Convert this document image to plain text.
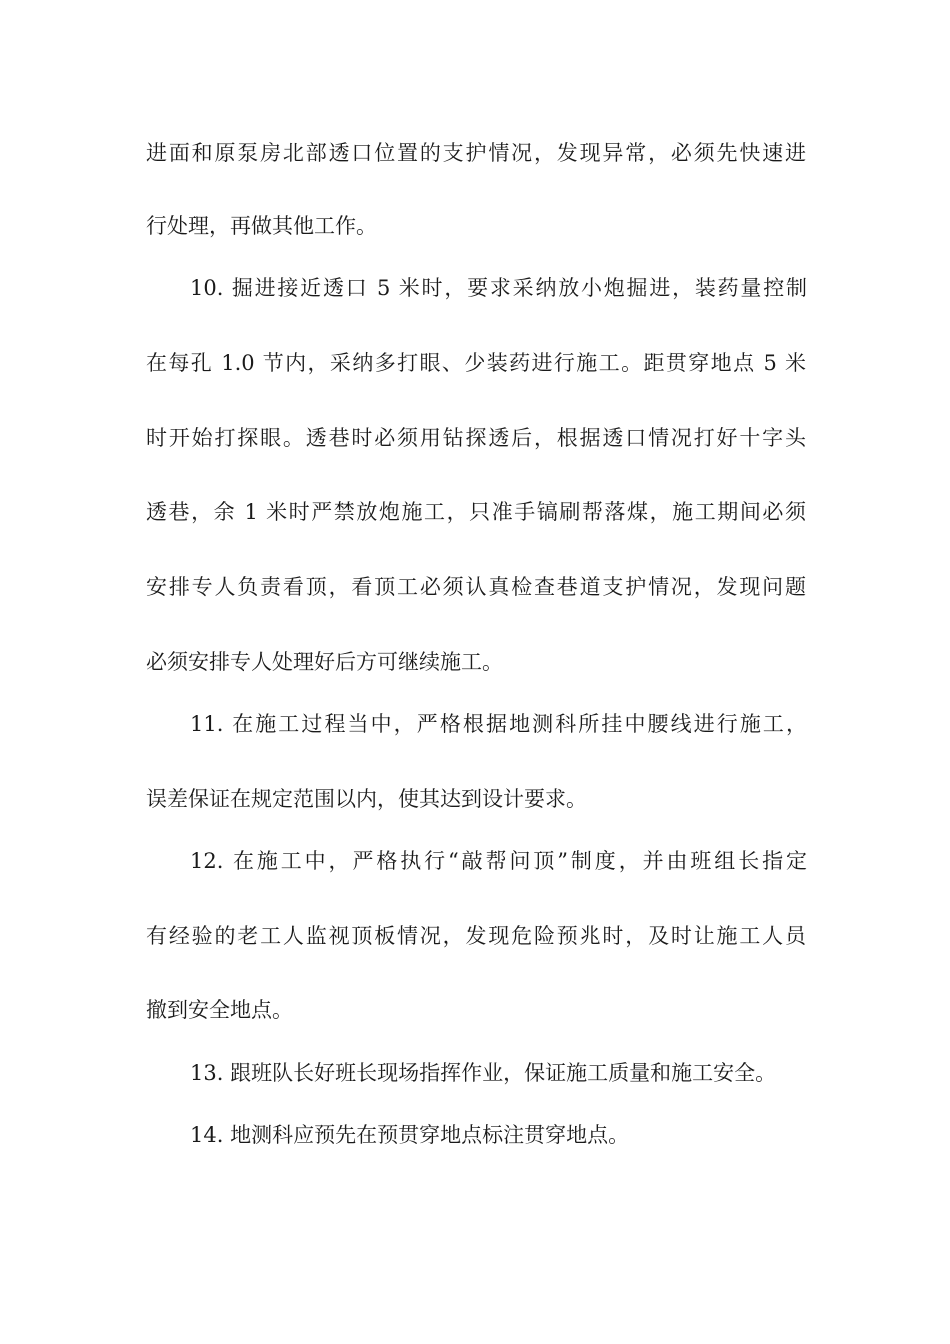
进面和原泵房北部透口位置的支护情况，发现异常，必须先快速进
行处理，再做其他工作。
10. 掘进接近透口 5 米时，要求采纳放小炮掘进，装药量控制
在每孔 1.0 节内，采纳多打眼、少装药进行施工。距贯穿地点 5 米
时开始打探眼。透巷时必须用钻探透后，根据透口情况打好十字头
透巷，余 1 米时严禁放炮施工，只准手镐刷帮落煤，施工期间必须
安排专人负责看顶，看顶工必须认真检查巷道支护情况，发现问题
必须安排专人处理好后方可继续施工。
11. 在施工过程当中，严格根据地测科所挂中腰线进行施工，
误差保证在规定范围以内，使其达到设计要求。
12. 在施工中，严格执行“敲帮问顶”制度，并由班组长指定
有经验的老工人监视顶板情况，发现危险预兆时，及时让施工人员
撤到安全地点。
13. 跟班队长好班长现场指挥作业，保证施工质量和施工安全。
14. 地测科应预先在预贯穿地点标注贯穿地点。
